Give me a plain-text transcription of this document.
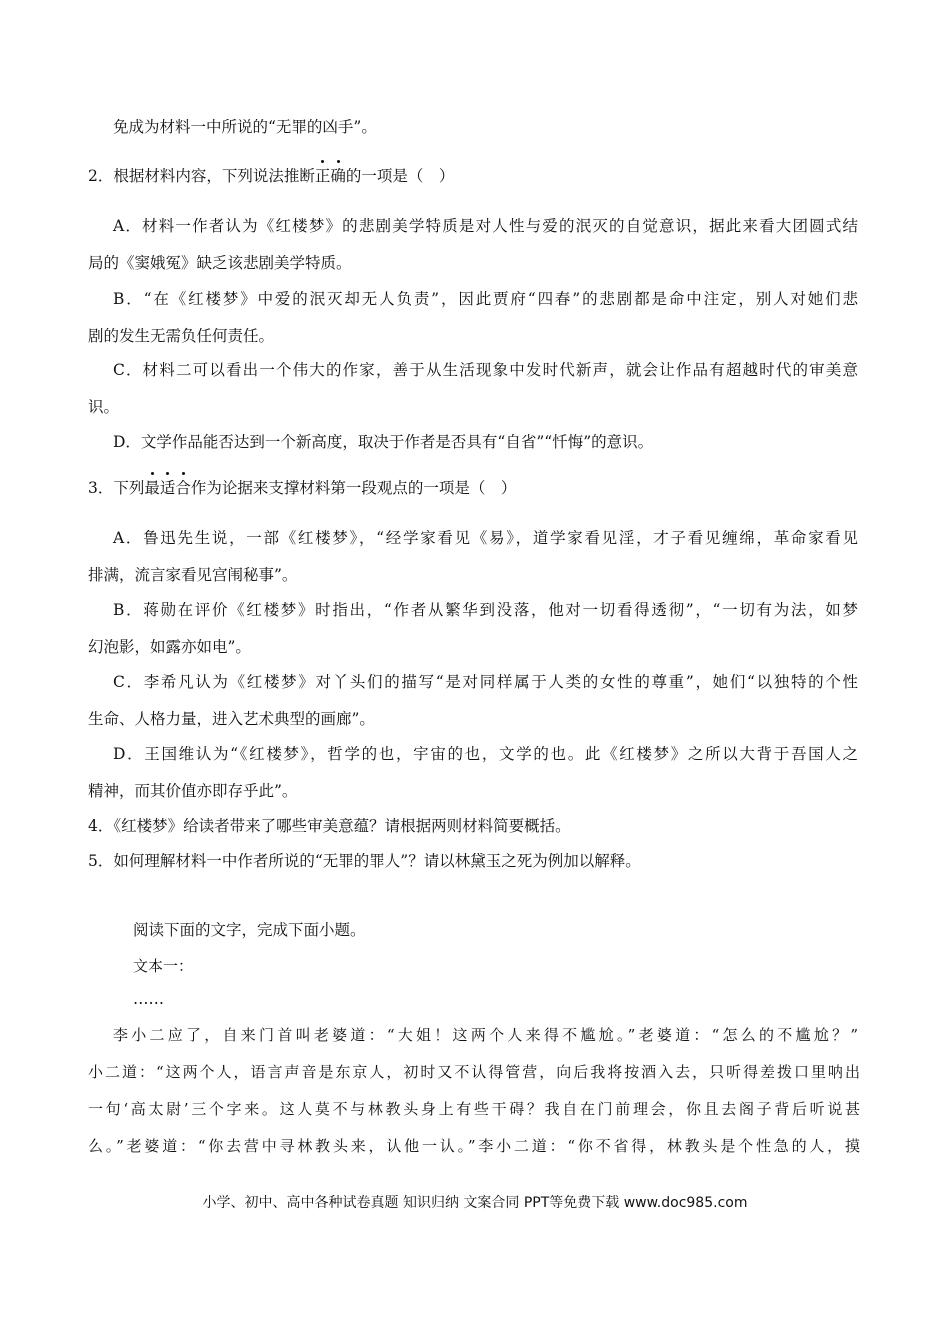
免成为材料一中所说的“无罪的凶手”。
2．根据材料内容，下列说法推断正确的一项是（　）
A．材料一作者认为《红楼梦》的悲剧美学特质是对人性与爱的泯灭的自觉意识，据此来看大团圆式结
局的《窦娥冤》缺乏该悲剧美学特质。
B．“在《红楼梦》中爱的泯灭却无人负责”，因此贾府“四春”的悲剧都是命中注定，别人对她们悲
剧的发生无需负任何责任。
C．材料二可以看出一个伟大的作家，善于从生活现象中发时代新声，就会让作品有超越时代的审美意
识。
D．文学作品能否达到一个新高度，取决于作者是否具有“自省”“忏悔”的意识。
3．下列最适合作为论据来支撑材料第一段观点的一项是（　）
A．鲁迅先生说，一部《红楼梦》，“经学家看见《易》，道学家看见淫，才子看见缠绵，革命家看见
排满，流言家看见宫闱秘事”。
B．蒋勋在评价《红楼梦》时指出，“作者从繁华到没落，他对一切看得透彻”，“一切有为法，如梦
幻泡影，如露亦如电”。
C．李希凡认为《红楼梦》对丫头们的描写“是对同样属于人类的女性的尊重”，她们“以独特的个性
生命、人格力量，进入艺术典型的画廊”。
D．王国维认为“《红楼梦》，哲学的也，宇宙的也，文学的也。此《红楼梦》之所以大背于吾国人之
精神，而其价值亦即存乎此”。
4．《红楼梦》给读者带来了哪些审美意蕴？请根据两则材料简要概括。
5．如何理解材料一中作者所说的“无罪的罪人”？请以林黛玉之死为例加以解释。
阅读下面的文字，完成下面小题。
文本一：
……
李小二应了，自来门首叫老婆道：“大姐！这两个人来得不尴尬。”老婆道：“怎么的不尴尬？”
小二道：“这两个人，语言声音是东京人，初时又不认得管营，向后我将按酒入去，只听得差拨口里呐出
一句‘高太尉’三个字来。这人莫不与林教头身上有些干碍？我自在门前理会，你且去阁子背后听说甚
么。”老婆道：“你去营中寻林教头来，认他一认。”李小二道：“你不省得，林教头是个性急的人，摸
小学、初中、高中各种试卷真题 知识归纳 文案合同 PPT等免费下载 www.doc985.com
